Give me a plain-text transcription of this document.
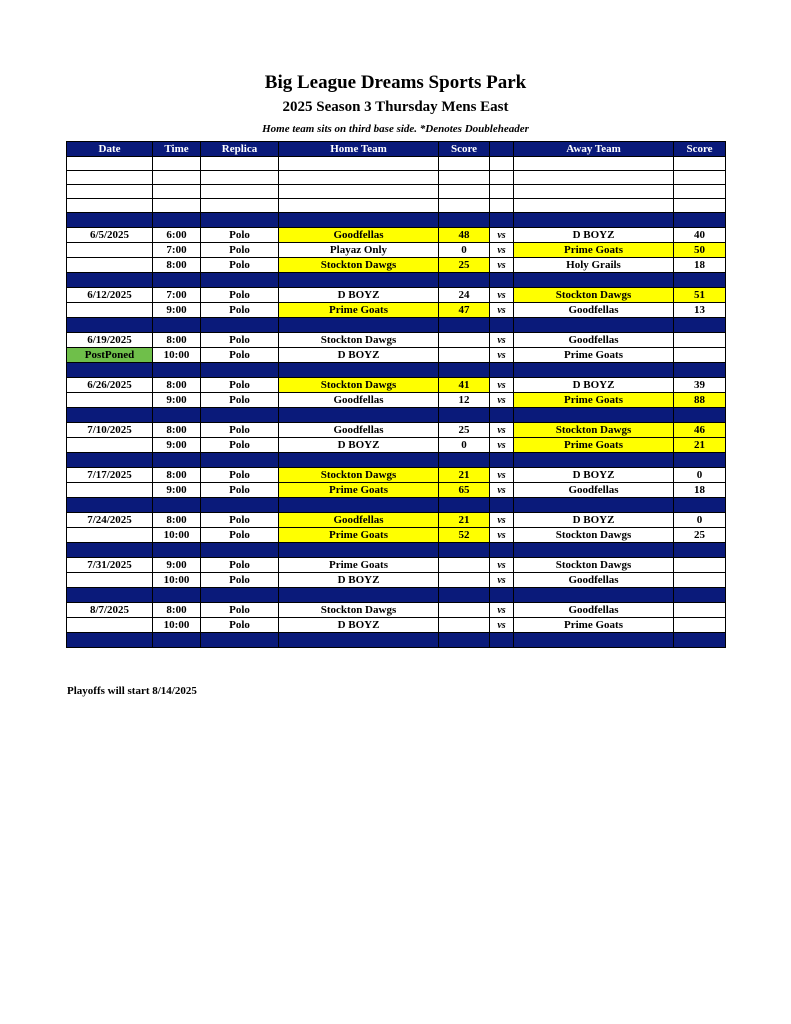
Big League Dreams Sports Park
2025 Season 3 Thursday Mens East
Home team sits on third base side. *Denotes Doubleheader
Date	Time	Replica	Home Team	Score		Away Team	Score

6/5/2025	6:00	Polo	Goodfellas	48	vs	D BOYZ	40
	7:00	Polo	Playaz Only	0	vs	Prime Goats	50
	8:00	Polo	Stockton Dawgs	25	vs	Holy Grails	18

6/12/2025	7:00	Polo	D BOYZ	24	vs	Stockton Dawgs	51
	9:00	Polo	Prime Goats	47	vs	Goodfellas	13

6/19/2025	8:00	Polo	Stockton Dawgs		vs	Goodfellas	
PostPoned	10:00	Polo	D BOYZ		vs	Prime Goats	

6/26/2025	8:00	Polo	Stockton Dawgs	41	vs	D BOYZ	39
	9:00	Polo	Goodfellas	12	vs	Prime Goats	88

7/10/2025	8:00	Polo	Goodfellas	25	vs	Stockton Dawgs	46
	9:00	Polo	D BOYZ	0	vs	Prime Goats	21

7/17/2025	8:00	Polo	Stockton Dawgs	21	vs	D BOYZ	0
	9:00	Polo	Prime Goats	65	vs	Goodfellas	18

7/24/2025	8:00	Polo	Goodfellas	21	vs	D BOYZ	0
	10:00	Polo	Prime Goats	52	vs	Stockton Dawgs	25

7/31/2025	9:00	Polo	Prime Goats		vs	Stockton Dawgs	
	10:00	Polo	D BOYZ		vs	Goodfellas	

8/7/2025	8:00	Polo	Stockton Dawgs		vs	Goodfellas	
	10:00	Polo	D BOYZ		vs	Prime Goats	

Playoffs will start 8/14/2025
